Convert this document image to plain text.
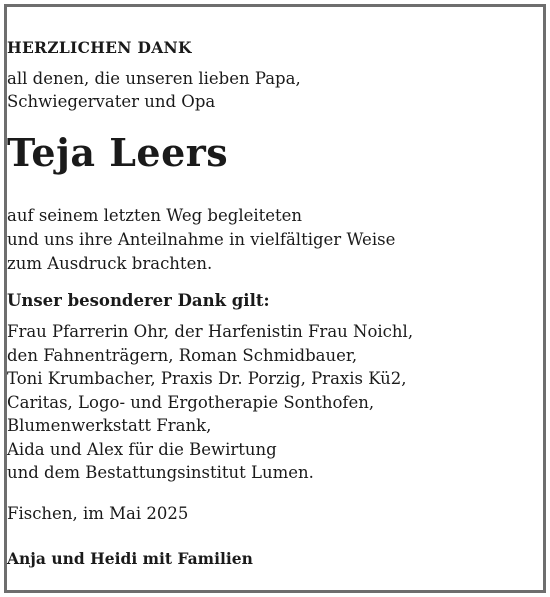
HERZLICHEN DANK
all denen, die unseren lieben Papa,
Schwiegervater und Opa
Teja Leers
auf seinem letzten Weg begleiteten
und uns ihre Anteilnahme in vielfältiger Weise
zum Ausdruck brachten.
Unser besonderer Dank gilt:
Frau Pfarrerin Ohr, der Harfenistin Frau Noichl,
den Fahnenträgern, Roman Schmidbauer,
Toni Krumbacher, Praxis Dr. Porzig, Praxis Kü2,
Caritas, Logo- und Ergotherapie Sonthofen,
Blumenwerkstatt Frank,
Aida und Alex für die Bewirtung
und dem Bestattungsinstitut Lumen.
Fischen, im Mai 2025
Anja und Heidi mit Familien
